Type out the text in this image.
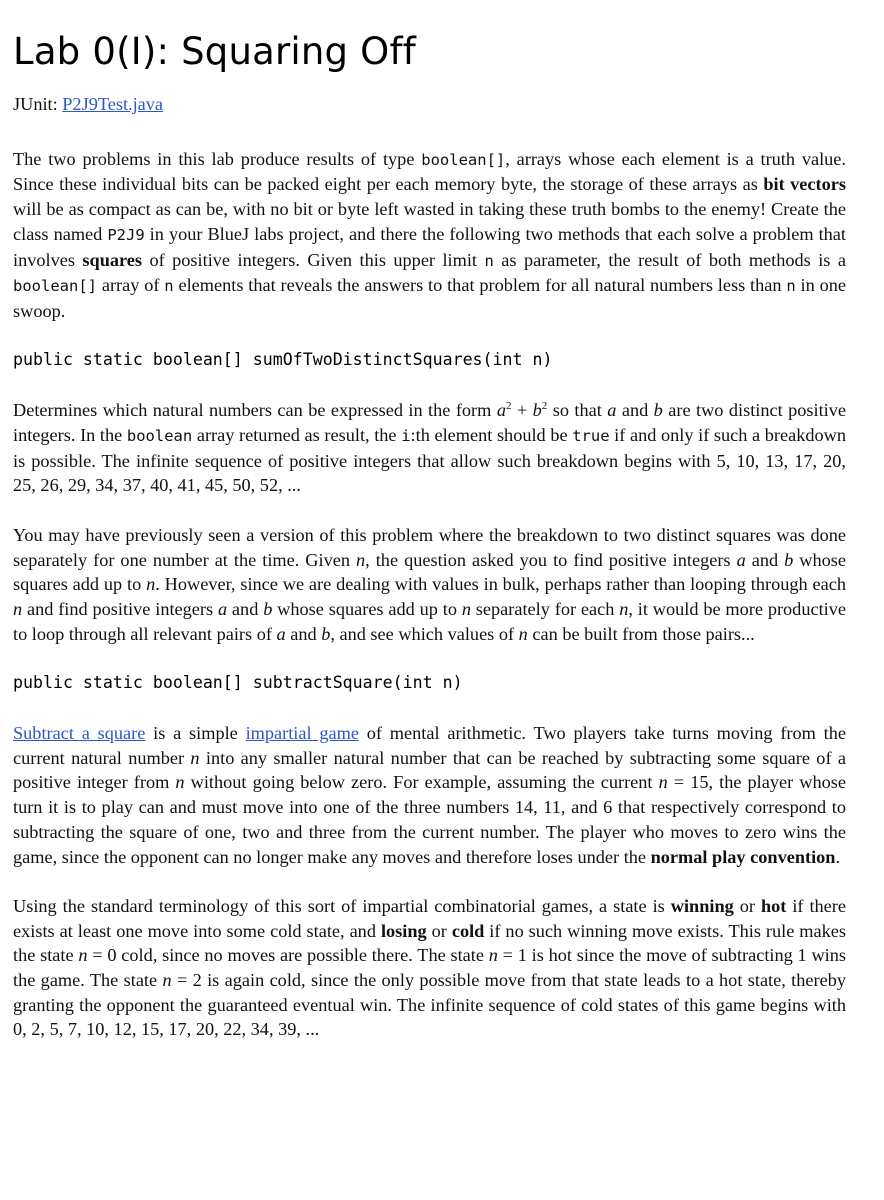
Lab 0(I): Squaring Off

JUnit: P2J9Test.java

The two problems in this lab produce results of type boolean[], arrays whose each element is a truth value. Since these individual bits can be packed eight per each memory byte, the storage of these arrays as bit vectors will be as compact as can be, with no bit or byte left wasted in taking these truth bombs to the enemy! Create the class named P2J9 in your BlueJ labs project, and there the following two methods that each solve a problem that involves squares of positive integers. Given this upper limit n as parameter, the result of both methods is a boolean[] array of n elements that reveals the answers to that problem for all natural numbers less than n in one swoop.

public static boolean[] sumOfTwoDistinctSquares(int n)

Determines which natural numbers can be expressed in the form $a^2 + b^2$ so that a and b are two distinct positive integers. In the boolean array returned as result, the i:th element should be true if and only if such a breakdown is possible. The infinite sequence of positive integers that allow such breakdown begins with 5, 10, 13, 17, 20, 25, 26, 29, 34, 37, 40, 41, 45, 50, 52, ...

You may have previously seen a version of this problem where the breakdown to two distinct squares was done separately for one number at the time. Given n, the question asked you to find positive integers a and b whose squares add up to n. However, since we are dealing with values in bulk, perhaps rather than looping through each n and find positive integers a and b whose squares add up to n separately for each n, it would be more productive to loop through all relevant pairs of a and b, and see which values of n can be built from those pairs...

public static boolean[] subtractSquare(int n)

Subtract a square is a simple impartial game of mental arithmetic. Two players take turns moving from the current natural number n into any smaller natural number that can be reached by subtracting some square of a positive integer from n without going below zero. For example, assuming the current n = 15, the player whose turn it is to play can and must move into one of the three numbers 14, 11, and 6 that respectively correspond to subtracting the square of one, two and three from the current number. The player who moves to zero wins the game, since the opponent can no longer make any moves and therefore loses under the normal play convention.

Using the standard terminology of this sort of impartial combinatorial games, a state is winning or hot if there exists at least one move into some cold state, and losing or cold if no such winning move exists. This rule makes the state n = 0 cold, since no moves are possible there. The state n = 1 is hot since the move of subtracting 1 wins the game. The state n = 2 is again cold, since the only possible move from that state leads to a hot state, thereby granting the opponent the guaranteed eventual win. The infinite sequence of cold states of this game begins with 0, 2, 5, 7, 10, 12, 15, 17, 20, 22, 34, 39, ...
